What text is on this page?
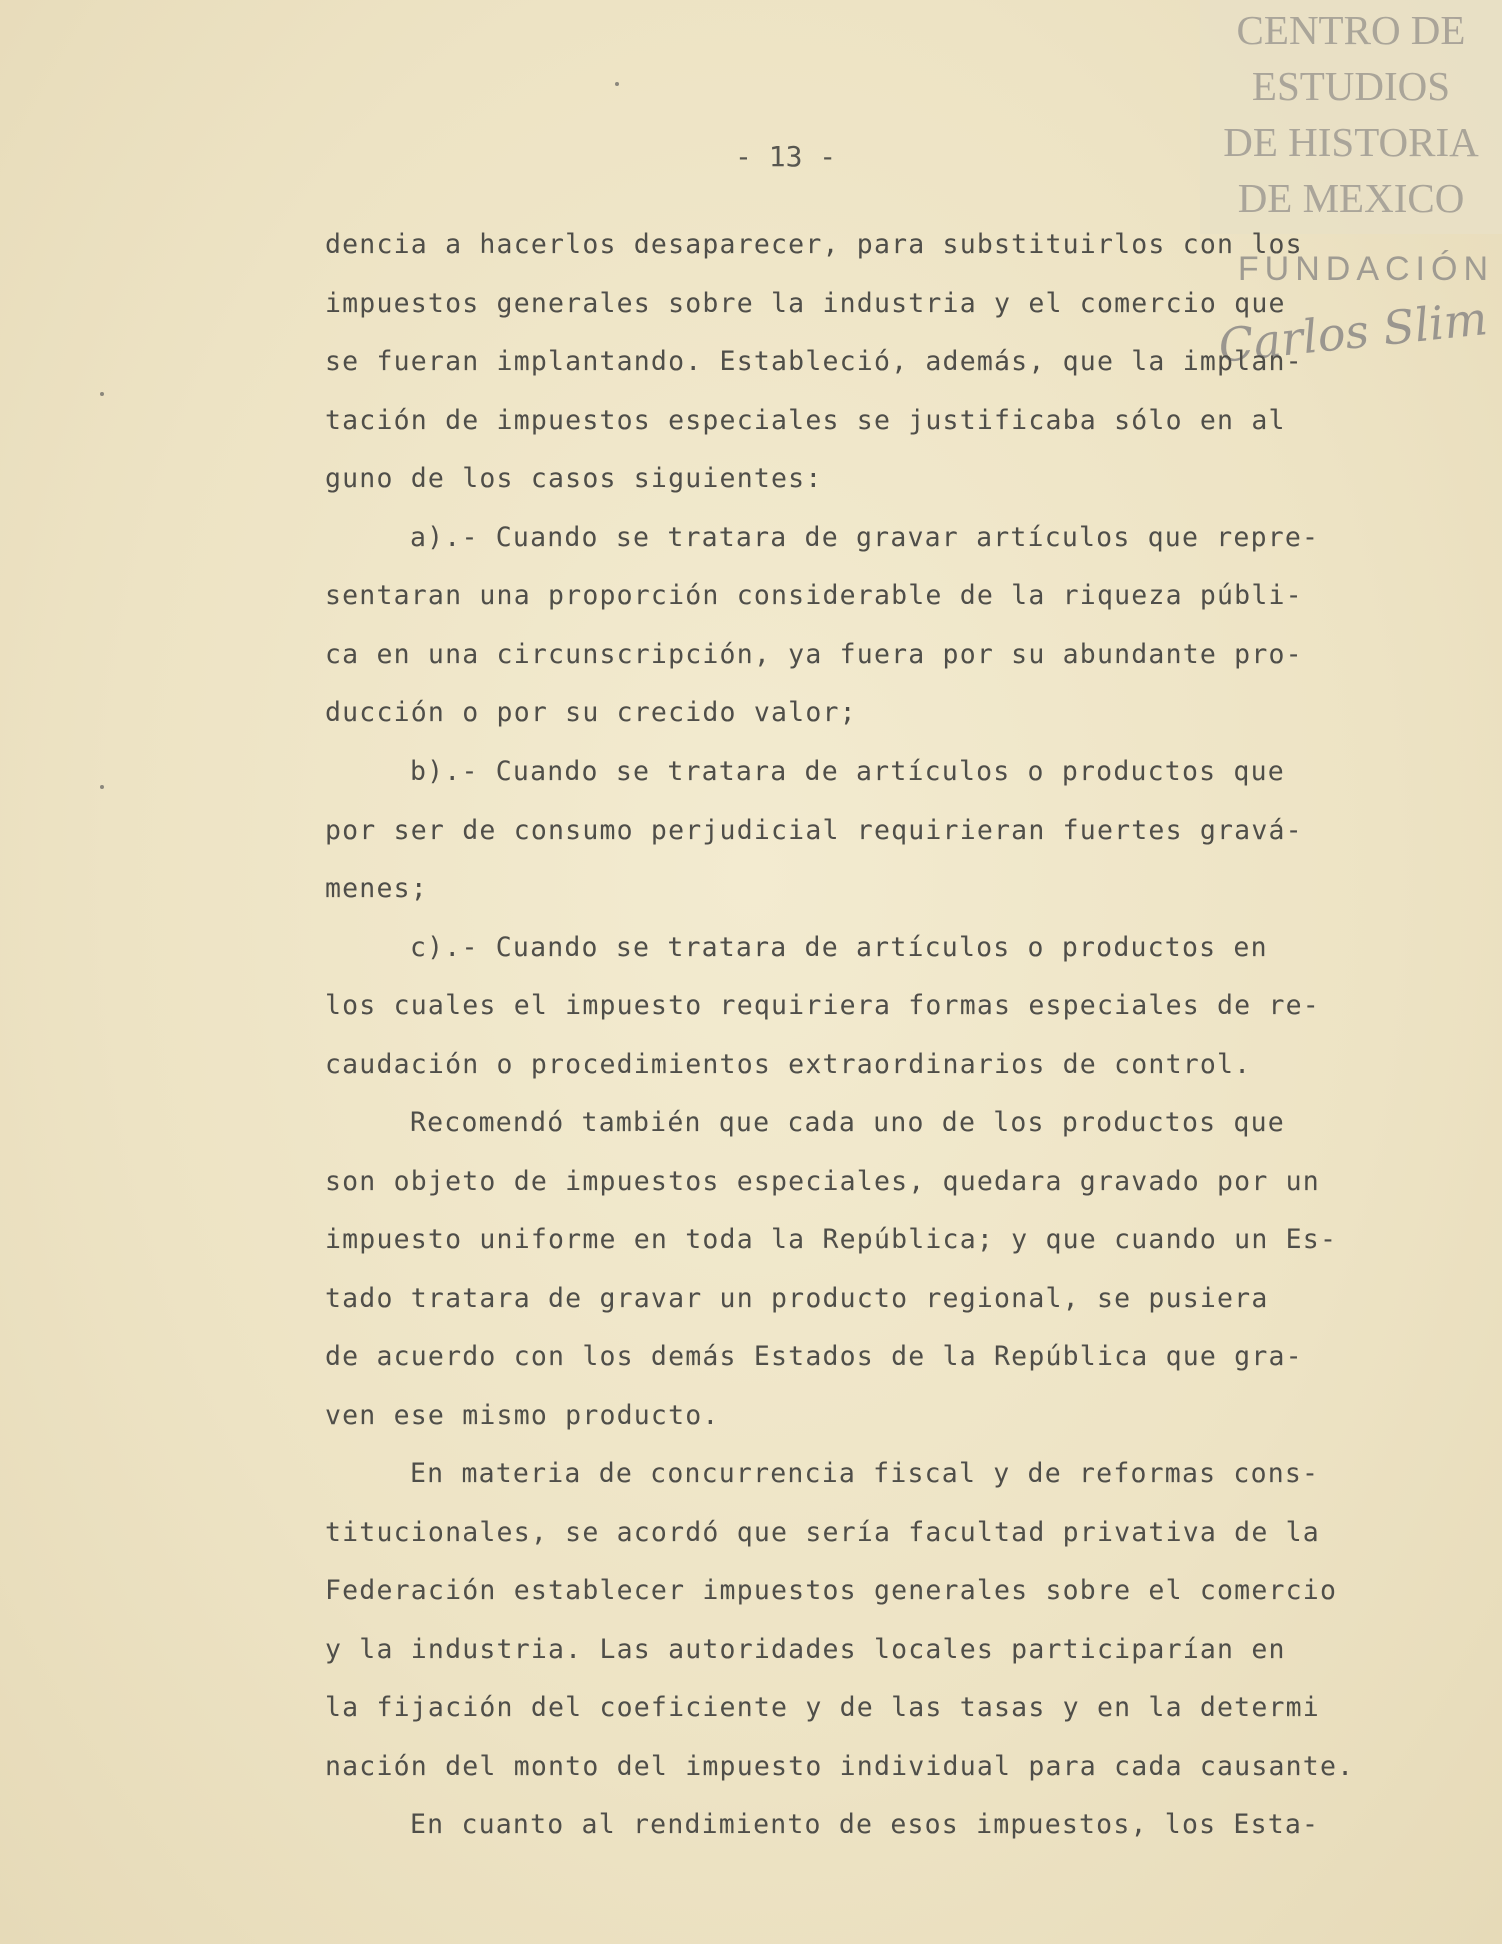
CENTRO DE
ESTUDIOS
DE HISTORIA
DE MEXICO
FUNDACIÓN
Carlos Slim
- 13 -
dencia a hacerlos desaparecer, para substituirlos con los
impuestos generales sobre la industria y el comercio que
se fueran implantando. Estableció, además, que la implan-
tación de impuestos especiales se justificaba sólo en al
guno de los casos siguientes:
a).- Cuando se tratara de gravar artículos que repre-
sentaran una proporción considerable de la riqueza públi-
ca en una circunscripción, ya fuera por su abundante pro-
ducción o por su crecido valor;
b).- Cuando se tratara de artículos o productos que
por ser de consumo perjudicial requirieran fuertes gravá-
menes;
c).- Cuando se tratara de artículos o productos en
los cuales el impuesto requiriera formas especiales de re-
caudación o procedimientos extraordinarios de control.
Recomendó también que cada uno de los productos que
son objeto de impuestos especiales, quedara gravado por un
impuesto uniforme en toda la República; y que cuando un Es-
tado tratara de gravar un producto regional, se pusiera
de acuerdo con los demás Estados de la República que gra-
ven ese mismo producto.
En materia de concurrencia fiscal y de reformas cons-
titucionales, se acordó que sería facultad privativa de la
Federación establecer impuestos generales sobre el comercio
y la industria. Las autoridades locales participarían en
la fijación del coeficiente y de las tasas y en la determi
nación del monto del impuesto individual para cada causante.
En cuanto al rendimiento de esos impuestos, los Esta-
